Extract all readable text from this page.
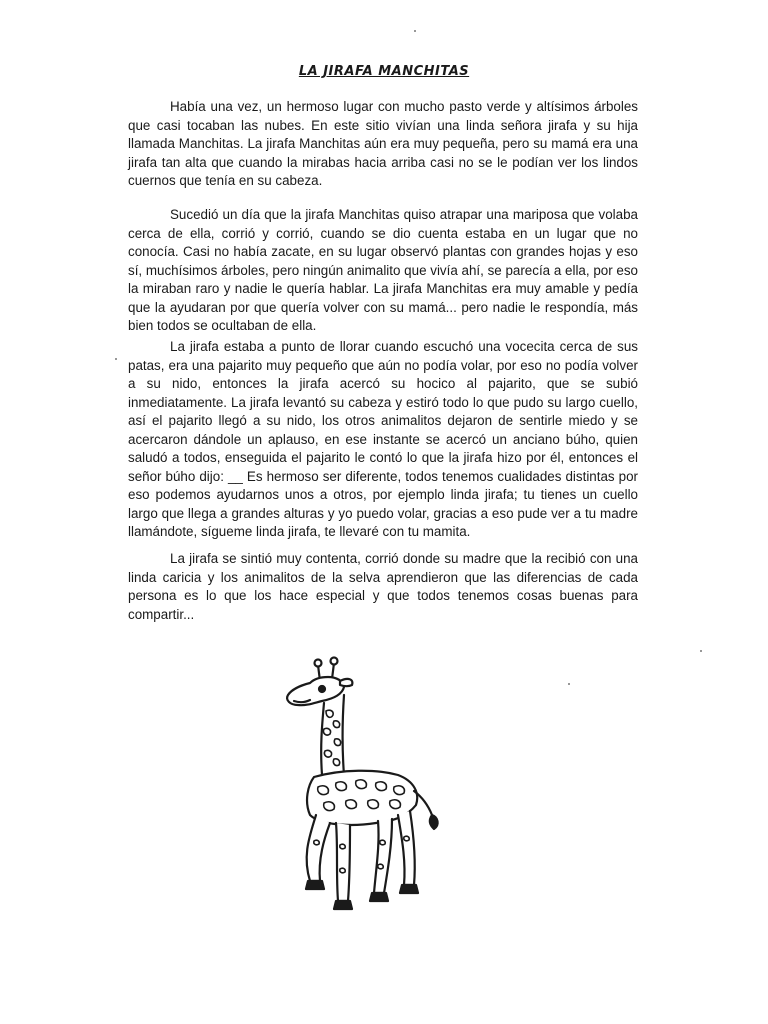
LA JIRAFA MANCHITAS

Había una vez, un hermoso lugar con mucho pasto verde y altísimos árboles que casi tocaban las nubes. En este sitio vivían una linda señora jirafa y su hija llamada Manchitas. La jirafa Manchitas aún era muy pequeña, pero su mamá era una jirafa tan alta que cuando la mirabas hacia arriba casi no se le podían ver los lindos cuernos que tenía en su cabeza.

Sucedió un día que la jirafa Manchitas quiso atrapar una mariposa que volaba cerca de ella, corrió y corrió, cuando se dio cuenta estaba en un lugar que no conocía. Casi no había zacate, en su lugar observó plantas con grandes hojas y eso sí, muchísimos árboles, pero ningún animalito que vivía ahí, se parecía a ella, por eso la miraban raro y nadie le quería hablar. La jirafa Manchitas era muy amable y pedía que la ayudaran por que quería volver con su mamá... pero nadie le respondía, más bien todos se ocultaban de ella.

La jirafa estaba a punto de llorar cuando escuchó una vocecita cerca de sus patas, era una pajarito muy pequeño que aún no podía volar, por eso no podía volver a su nido, entonces la jirafa acercó su hocico al pajarito, que se subió inmediatamente. La jirafa levantó su cabeza y estiró todo lo que pudo su largo cuello, así el pajarito llegó a su nido, los otros animalitos dejaron de sentirle miedo y se acercaron dándole un aplauso, en ese instante se acercó un anciano búho, quien saludó a todos, enseguida el pajarito le contó lo que la jirafa hizo por él, entonces el señor búho dijo: __ Es hermoso ser diferente, todos tenemos cualidades distintas por eso podemos ayudarnos unos a otros, por ejemplo linda jirafa; tu tienes un cuello largo que llega a grandes alturas y yo puedo volar, gracias a eso pude ver a tu madre llamándote, sígueme linda jirafa, te llevaré con tu mamita.

La jirafa se sintió muy contenta, corrió donde su madre que la recibió con una linda caricia y los animalitos de la selva aprendieron que las diferencias de cada persona es lo que los hace especial y que todos tenemos cosas buenas para compartir...
